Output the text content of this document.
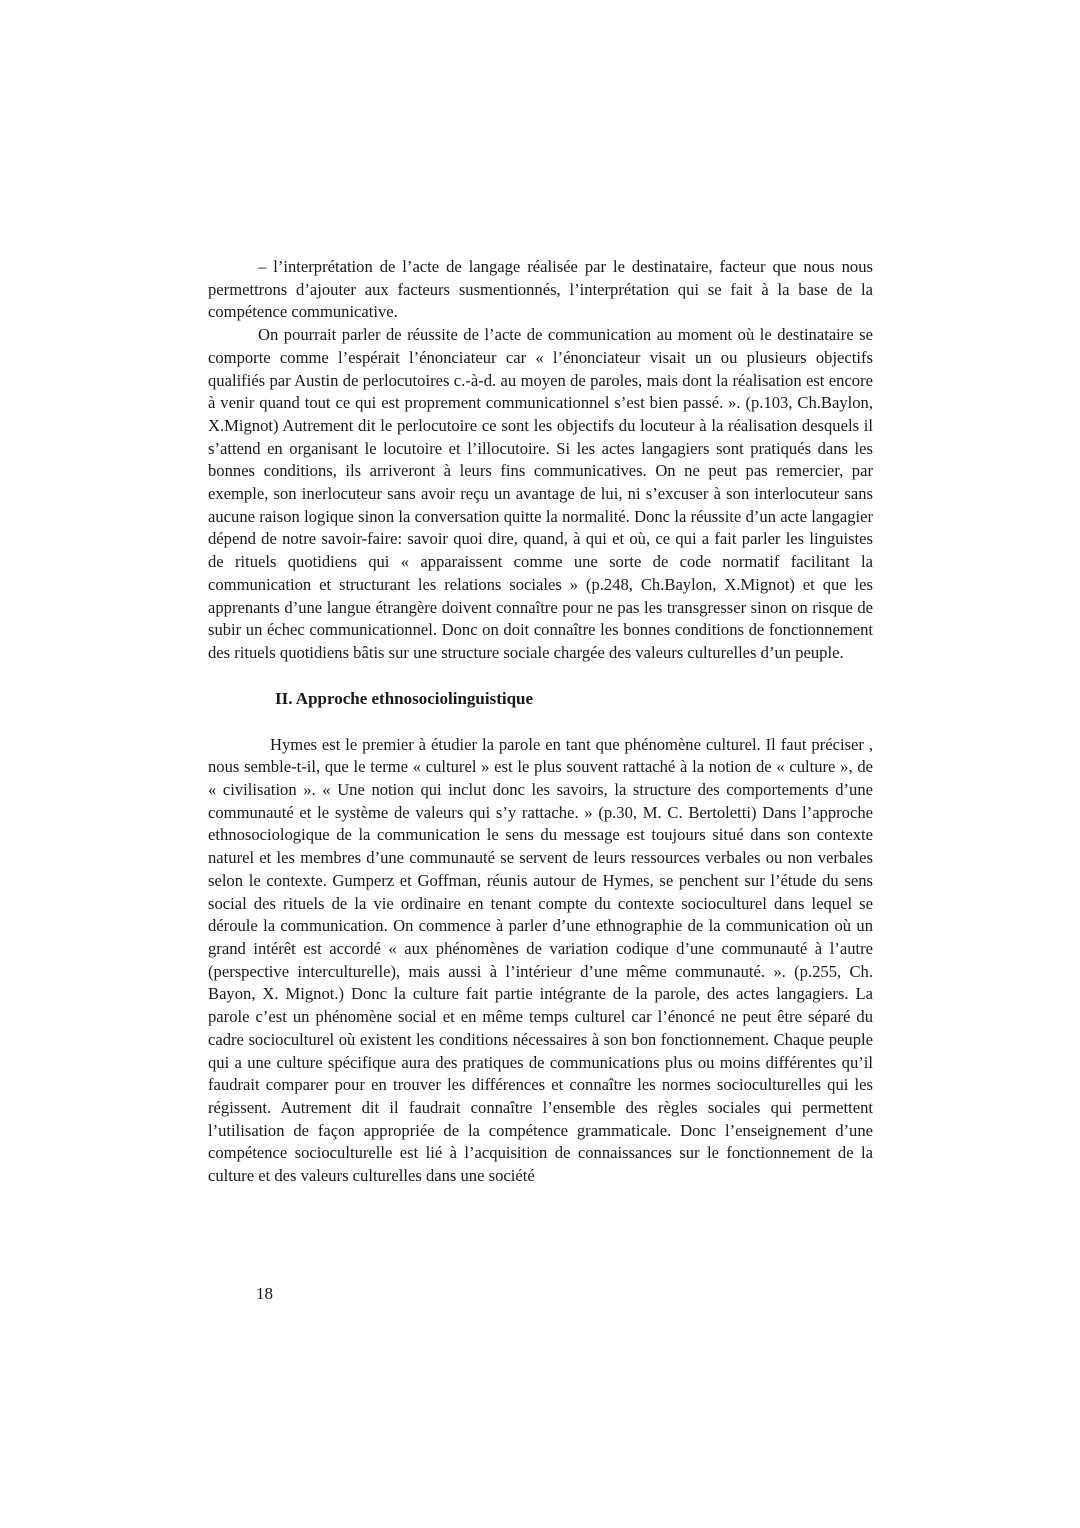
– l’interprétation de l’acte de langage réalisée par le destinataire, facteur que nous nous permettrons d’ajouter aux facteurs susmentionnés, l’interprétation qui se fait à la base de la compétence communicative.

On pourrait parler de réussite de l’acte de communication au moment où le destinataire se comporte comme l’espérait l’énonciateur car « l’énonciateur visait un ou plusieurs objectifs qualifiés par Austin de perlocutoires c.-à-d. au moyen de paroles, mais dont la réalisation est encore à venir quand tout ce qui est proprement communicationnel s’est bien passé. ». (p.103, Ch.Baylon, X.Mignot) Autrement dit le perlocutoire ce sont les objectifs du locuteur à la réalisation desquels il s’attend en organisant le locutoire et l’illocutoire. Si les actes langagiers sont pratiqués dans les bonnes conditions, ils arriveront à leurs fins communicatives. On ne peut pas remercier, par exemple, son inerlocuteur sans avoir reçu un avantage de lui, ni s’excuser à son interlocuteur sans aucune raison logique sinon la conversation quitte la normalité. Donc la réussite d’un acte langagier dépend de notre savoir-faire: savoir quoi dire, quand, à qui et où, ce qui a fait parler les linguistes de rituels quotidiens qui « apparaissent comme une sorte de code normatif facilitant la communication et structurant les relations sociales » (p.248, Ch.Baylon, X.Mignot) et que les apprenants d’une langue étrangère doivent connaître pour ne pas les transgresser sinon on risque de subir un échec communicationnel. Donc on doit connaître les bonnes conditions de fonctionnement des rituels quotidiens bâtis sur une structure sociale chargée des valeurs culturelles d’un peuple.

II. Approche ethnosociolinguistique

Hymes est le premier à étudier la parole en tant que phénomène culturel. Il faut préciser , nous semble-t-il, que le terme « culturel » est le plus souvent rattaché à la notion de « culture », de « civilisation ». « Une notion qui inclut donc les savoirs, la structure des comportements d’une communauté et le système de valeurs qui s’y rattache. » (p.30, M. C. Bertoletti) Dans l’approche ethnosociologique de la communication le sens du message est toujours situé dans son contexte naturel et les membres d’une communauté se servent de leurs ressources verbales ou non verbales selon le contexte. Gumperz et Goffman, réunis autour de Hymes, se penchent sur l’étude du sens social des rituels de la vie ordinaire en tenant compte du contexte socioculturel dans lequel se déroule la communication. On commence à parler d’une ethnographie de la communication où un grand intérêt est accordé « aux phénomènes de variation codique d’une communauté à l’autre (perspective interculturelle), mais aussi à l’intérieur d’une même communauté. ». (p.255, Ch. Bayon, X. Mignot.) Donc la culture fait partie intégrante de la parole, des actes langagiers. La parole c’est un phénomène social et en même temps culturel car l’énoncé ne peut être séparé du cadre socioculturel où existent les conditions nécessaires à son bon fonctionnement. Chaque peuple qui a une culture spécifique aura des pratiques de communications plus ou moins différentes qu’il faudrait comparer pour en trouver les différences et connaître les normes socioculturelles qui les régissent. Autrement dit il faudrait connaître l’ensemble des règles sociales qui permettent l’utilisation de façon appropriée de la compétence grammaticale. Donc l’enseignement d’une compétence socioculturelle est lié à l’acquisition de connaissances sur le fonctionnement de la culture et des valeurs culturelles dans une société

18
